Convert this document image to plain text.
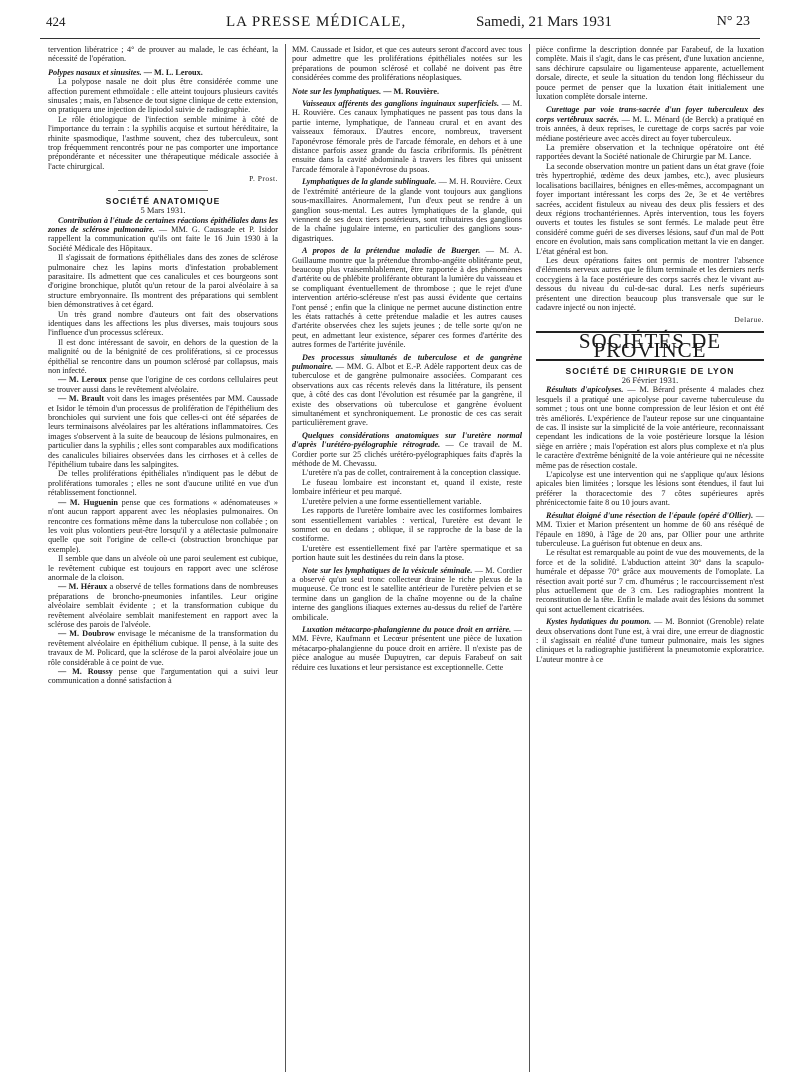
424	LA PRESSE MÉDICALE,	Samedi, 21 Mars 1931	N° 23

tervention libératrice ; 4° de prouver au malade, le cas échéant, la nécessité de l'opération.

Polypes nasaux et sinusites. — M. L. Leroux.

La polypose nasale ne doit plus être considérée comme une affection purement ethmoïdale : elle atteint toujours plusieurs cavités sinusales ; mais, en l'absence de tout signe clinique de cette extension, on pratiquera une injection de lipiodol suivie de radiographie.

Le rôle étiologique de l'infection semble minime à côté de l'importance du terrain : la syphilis acquise et surtout héréditaire, la rhinite spasmodique, l'asthme souvent, chez des tuberculeux, sont trop fréquemment rencontrés pour ne pas comporter une importance prépondérante et nécessiter une thérapeutique médicale associée à l'acte chirurgical.

P. Prost.

SOCIÉTÉ ANATOMIQUE

5 Mars 1931.

Contribution à l'étude de certaines réactions épithéliales dans les zones de sclérose pulmonaire. — MM. G. Caussade et P. Isidor rappellent la communication qu'ils ont faite le 16 Juin 1930 à la Société Médicale des Hôpitaux.

Il s'agissait de formations épithéliales dans des zones de sclérose pulmonaire chez les lapins morts d'infestation probablement parasitaire. Ils admettent que ces canalicules et ces bourgeons sont d'origine bronchique, plutôt qu'un retour de la paroi alvéolaire à sa structure embryonnaire. Ils montrent des préparations qui semblent bien démonstratives à cet égard.

Un très grand nombre d'auteurs ont fait des observations identiques dans les affections les plus diverses, mais toujours sous l'influence d'un processus scléreux.

Il est donc intéressant de savoir, en dehors de la question de la malignité ou de la bénignité de ces proliférations, si ce processus épithélial se rencontre dans un poumon sclérosé par collapsus, mais non infecté.

— M. Leroux pense que l'origine de ces cordons cellulaires peut se trouver aussi dans le revêtement alvéolaire.

— M. Brault voit dans les images présentées par MM. Caussade et Isidor le témoin d'un processus de prolifération de l'épithélium des bronchioles qui survient une fois que celles-ci ont été séparées de leurs terminaisons alvéolaires par les altérations inflammatoires. Ces images s'observent à la suite de beaucoup de lésions pulmonaires, en particulier dans la syphilis ; elles sont comparables aux modifications des canalicules biliaires observées dans les cirrhoses et à celles de l'épithélium tubaire dans les salpingites.

De telles proliférations épithéliales n'indiquent pas le début de proliférations tumorales ; elles ne sont d'aucune utilité en vue d'un rétablissement fonctionnel.

— M. Huguenin pense que ces formations « adénomateuses » n'ont aucun rapport apparent avec les néoplasies pulmonaires. On rencontre ces formations même dans la tuberculose non collabée ; on les voit plus volontiers peut-être lorsqu'il y a atélectasie pulmonaire quelle que soit l'origine de celle-ci (obstruction bronchique par exemple).

Il semble que dans un alvéole où une paroi seulement est cubique, le revêtement cubique est toujours en rapport avec une sclérose anormale de la cloison.

— M. Héraux a observé de telles formations dans de nombreuses préparations de broncho-pneumonies infantiles. Leur origine alvéolaire semblait évidente ; et la transformation cubique du revêtement alvéolaire semblait manifestement en rapport avec la sclérose des parois de l'alvéole.

— M. Doubrow envisage le mécanisme de la transformation du revêtement alvéolaire en épithélium cubique. Il pense, à la suite des travaux de M. Policard, que la sclérose de la paroi alvéolaire joue un rôle considérable à ce point de vue.

— M. Roussy pense que l'argumentation qui a suivi leur communication a donné satisfaction à

MM. Caussade et Isidor, et que ces auteurs seront d'accord avec tous pour admettre que les proliférations épithéliales notées sur les préparations de poumon sclérosé et collabé ne doivent pas être considérées comme des proliférations néoplasiques.

Note sur les lymphatiques. — M. Rouvière.

Vaisseaux afférents des ganglions inguinaux superficiels. — M. H. Rouvière. Ces canaux lymphatiques ne passent pas tous dans la partie interne, lymphatique, de l'anneau crural et en avant des vaisseaux fémoraux. D'autres encore, nombreux, traversent l'aponévrose fémorale près de l'arcade fémorale, en dehors et à une distance parfois assez grande du fascia cribriformis. Ils pénètrent ensuite dans la cavité abdominale à travers les fibres qui unissent l'arcade fémorale à l'aponévrose du psoas.

Lymphatiques de la glande sublinguale. — M. H. Rouvière. Ceux de l'extrémité antérieure de la glande vont toujours aux ganglions sous-maxillaires. Anormalement, l'un d'eux peut se rendre à un ganglion sous-mental. Les autres lymphatiques de la glande, qui viennent de ses deux tiers postérieurs, sont tributaires des ganglions de la chaîne jugulaire interne, en particulier des ganglions sous-digastriques.

A propos de la prétendue maladie de Buerger. — M. A. Guillaume montre que la prétendue thrombo-angéite oblitérante peut, beaucoup plus vraisemblablement, être rapportée à des phénomènes d'artérite ou de phlébite proliférante obturant la lumière du vaisseau et se compliquant éventuellement de thrombose ; que le rejet d'une intervention artério-scléreuse n'est pas aussi évidente que certains l'ont pensé ; enfin que la clinique ne permet aucune distinction entre les états rattachés à cette prétendue maladie et les autres causes d'artérite observées chez les sujets jeunes ; de telle sorte qu'on ne peut, en admettant leur existence, séparer ces formes d'artérite des autres formes de l'artérite juvénile.

Des processus simultanés de tuberculose et de gangrène pulmonaire. — MM. G. Albot et E.-P. Adèle rapportent deux cas de tuberculose et de gangrène pulmonaire associées. Comparant ces observations aux cas récents relevés dans la littérature, ils pensent que, à côté des cas dont l'évolution est résumée par la gangrène, il existe des observations où tuberculose et gangrène évoluent simultanément et synchroniquement. Le pronostic de ces cas serait particulièrement grave.

Quelques considérations anatomiques sur l'uretère normal d'après l'urétéro-pyélographie rétrograde. — Ce travail de M. Cordier porte sur 25 clichés urétéro-pyélographiques faits d'après la méthode de M. Chevassu.

L'uretère n'a pas de collet, contrairement à la conception classique.

Le fuseau lombaire est inconstant et, quand il existe, reste lombaire inférieur et peu marqué.

L'uretère pelvien a une forme essentiellement variable.

Les rapports de l'uretère lombaire avec les costiformes lombaires sont essentiellement variables : vertical, l'uretère est devant le sommet ou en dedans ; oblique, il se rapproche de la base de la costiforme.

L'uretère est essentiellement fixé par l'artère spermatique et sa portion haute suit les destinées du rein dans la ptose.

Note sur les lymphatiques de la vésicule séminale. — M. Cordier a observé qu'un seul tronc collecteur draine le riche plexus de la muqueuse. Ce tronc est le satellite antérieur de l'uretère pelvien et se termine dans un ganglion de la chaîne moyenne ou de la chaîne interne des ganglions iliaques externes au-dessus du relief de l'artère ombilicale.

Luxation métacarpo-phalangienne du pouce droit en arrière. — MM. Fèvre, Kaufmann et Lecœur présentent une pièce de luxation métacarpo-phalangienne du pouce droit en arrière. Il n'existe pas de pièce analogue au musée Dupuytren, car depuis Farabeuf on sait réduire ces luxations et leur persistance est exceptionnelle. Cette

pièce confirme la description donnée par Farabeuf, de la luxation complète. Mais il s'agit, dans le cas présent, d'une luxation ancienne, sans déchirure capsulaire ou ligamenteuse apparente, actuellement dorsale, directe, et seule la situation du tendon long fléchisseur du pouce permet de penser que la luxation était initialement une luxation complète dorsale interne.

Curettage par voie trans-sacrée d'un foyer tuberculeux des corps vertébraux sacrés. — M. L. Ménard (de Berck) a pratiqué en trois années, à deux reprises, le curettage de corps sacrés par voie médiane postérieure avec accès direct au foyer tuberculeux.

La première observation et la technique opératoire ont été rapportées devant la Société nationale de Chirurgie par M. Lance.

La seconde observation montre un patient dans un état grave (foie très hypertrophié, œdème des deux jambes, etc.), avec plusieurs localisations bacillaires, bénignes en elles-mêmes, accompagnant un foyer important intéressant les corps des 2e, 3e et 4e vertèbres sacrées, accident fistuleux au niveau des deux plis fessiers et des deux régions trochantériennes. Après intervention, tous les foyers ouverts et toutes les fistules se sont fermés. Le malade peut être considéré comme guéri de ses diverses lésions, sauf d'un mal de Pott encore en évolution, mais sans complication mettant la vie en danger. L'état général est bon.

Les deux opérations faites ont permis de montrer l'absence d'éléments nerveux autres que le filum terminale et les derniers nerfs coccygiens à la face postérieure des corps sacrés chez le vivant au-dessous du niveau du cul-de-sac dural. Les nerfs supérieurs présentent une direction beaucoup plus transversale que sur le cadavre injecté ou non injecté.

Delarue.

SOCIÉTÉS DE PROVINCE

SOCIÉTÉ DE CHIRURGIE DE LYON

26 Février 1931.

Résultats d'apicolyses. — M. Bérard présente 4 malades chez lesquels il a pratiqué une apicolyse pour caverne tuberculeuse du sommet ; tous ont une bonne compression de leur lésion et ont été très améliorés. L'expérience de l'auteur repose sur une cinquantaine de cas. Il insiste sur la simplicité de la voie antérieure, reconnaissant cependant les indications de la voie postérieure lorsque la lésion siège en arrière ; mais l'opération est alors plus complexe et n'a plus le caractère d'extrême bénignité de la voie antérieure qui ne nécessite même pas de résection costale.

L'apicolyse est une intervention qui ne s'applique qu'aux lésions apicales bien limitées ; lorsque les lésions sont étendues, il faut lui préférer la thoracectomie des 7 côtes supérieures après phrénicectomie faite 8 ou 10 jours avant.

Résultat éloigné d'une résection de l'épaule (opéré d'Ollier). — MM. Tixier et Marion présentent un homme de 60 ans réséqué de l'épaule en 1890, à l'âge de 20 ans, par Ollier pour une arthrite tuberculeuse. La guérison fut obtenue en deux ans.

Le résultat est remarquable au point de vue des mouvements, de la force et de la solidité. L'abduction atteint 30° dans la scapulo-humérale et dépasse 70° grâce aux mouvements de l'omoplate. La résection avait porté sur 7 cm. d'humérus ; le raccourcissement n'est plus actuellement que de 3 cm. Les radiographies montrent la reconstitution de la tête. Enfin le malade avait des lésions du sommet qui sont actuellement cicatrisées.

Kystes hydatiques du poumon. — M. Bonniot (Grenoble) relate deux observations dont l'une est, à vrai dire, une erreur de diagnostic : il s'agissait en réalité d'une tumeur pulmonaire, mais les signes cliniques et la radiographie justifièrent la pneumotomie exploratrice. L'auteur montre à ce
